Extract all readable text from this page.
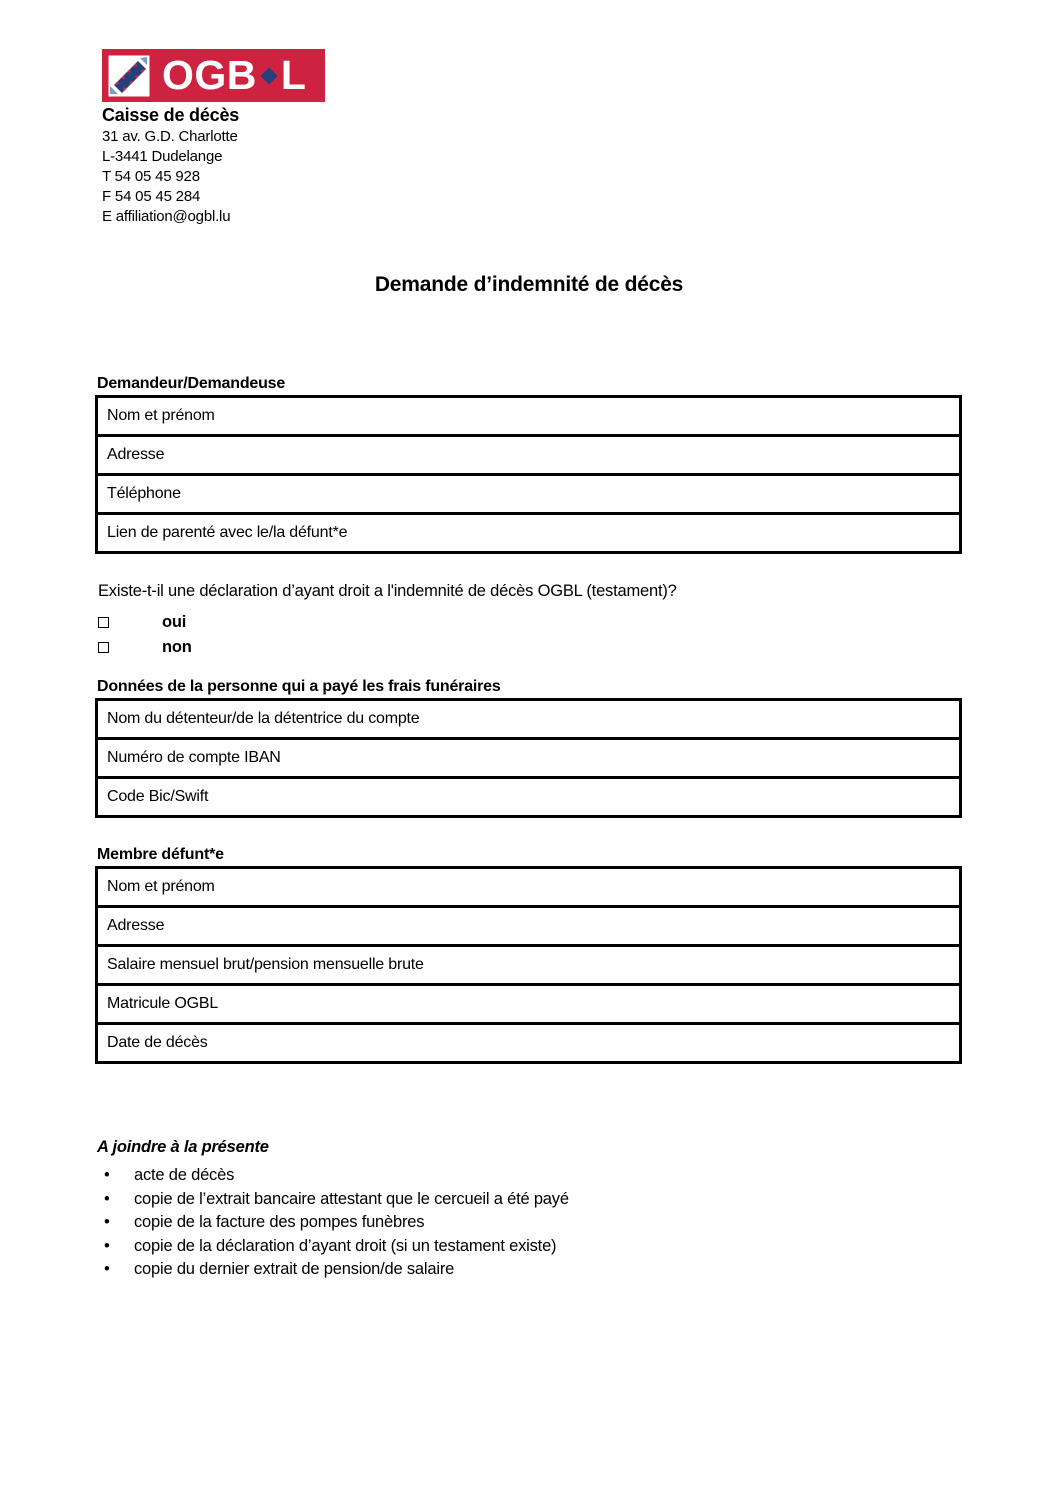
OGB L
Caisse de décès
31 av. G.D. Charlotte
L-3441 Dudelange
T 54 05 45 928
F 54 05 45 284
E affiliation@ogbl.lu
Demande d’indemnité de décès
Demandeur/Demandeuse
Nom et prénom
Adresse
Téléphone
Lien de parenté avec le/la défunt*e

Existe-t-il une déclaration d’ayant droit a l'indemnité de décès OGBL (testament)?

oui
non
Données de la personne qui a payé les frais funéraires
Nom du détenteur/de la détentrice du compte
Numéro de compte IBAN
Code Bic/Swift
Membre défunt*e
Nom et prénom
Adresse
Salaire mensuel brut/pension mensuelle brute
Matricule OGBL
Date de décès
A joindre à la présente
•	acte de décès
•	copie de l’extrait bancaire attestant que le cercueil a été payé
•	copie de la facture des pompes funèbres
•	copie de la déclaration d’ayant droit (si un testament existe)
•	copie du dernier extrait de pension/de salaire
